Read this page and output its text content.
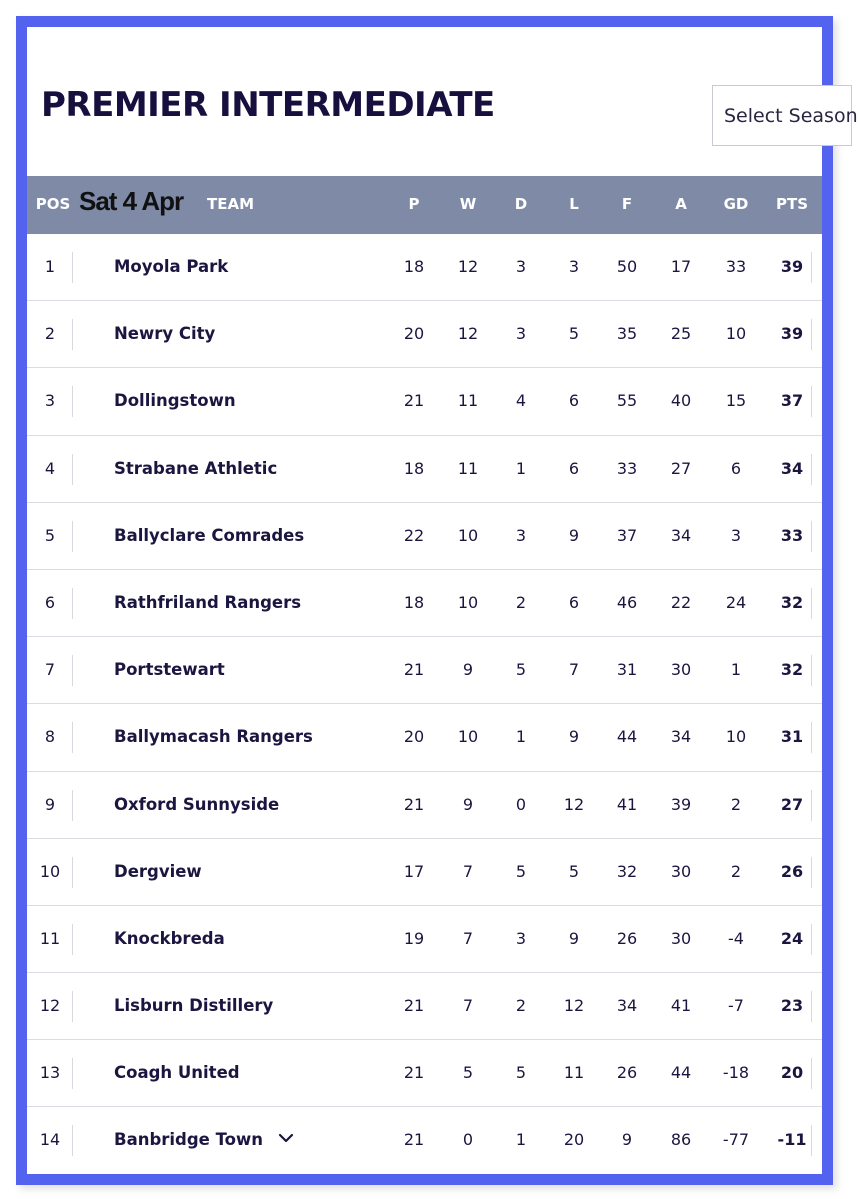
PREMIER INTERMEDIATE	Select Season
POS Sat 4 Apr TEAM	P	W	D	L	F	A	GD	PTS
1	Moyola Park	18	12	3	3	50	17	33	39
2	Newry City	20	12	3	5	35	25	10	39
3	Dollingstown	21	11	4	6	55	40	15	37
4	Strabane Athletic	18	11	1	6	33	27	6	34
5	Ballyclare Comrades	22	10	3	9	37	34	3	33
6	Rathfriland Rangers	18	10	2	6	46	22	24	32
7	Portstewart	21	9	5	7	31	30	1	32
8	Ballymacash Rangers	20	10	1	9	44	34	10	31
9	Oxford Sunnyside	21	9	0	12	41	39	2	27
10	Dergview	17	7	5	5	32	30	2	26
11	Knockbreda	19	7	3	9	26	30	-4	24
12	Lisburn Distillery	21	7	2	12	34	41	-7	23
13	Coagh United	21	5	5	11	26	44	-18	20
14	Banbridge Town	21	0	1	20	9	86	-77	-11
